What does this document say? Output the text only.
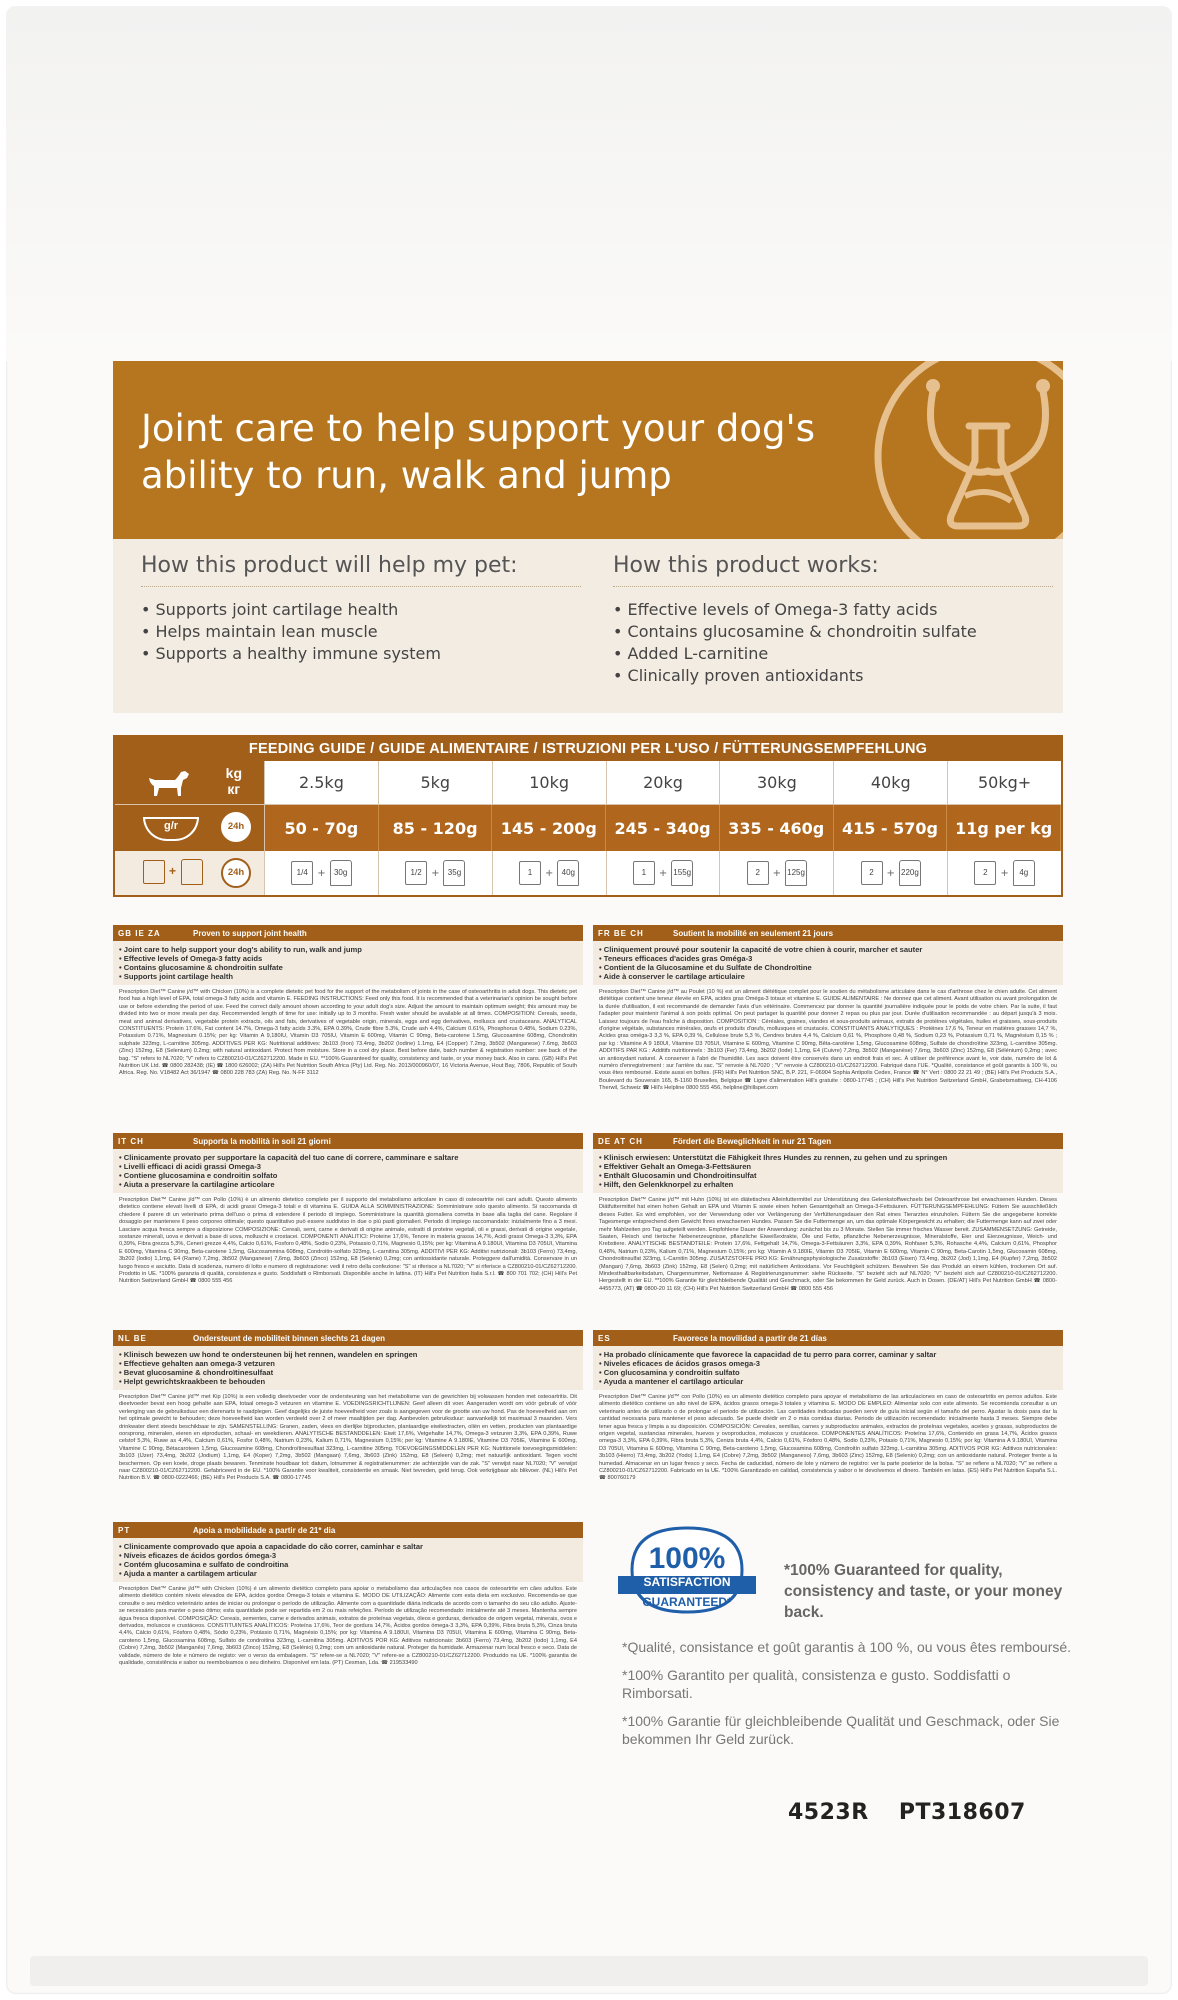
Joint care to help support your dog's
ability to run, walk and jump
How this product will help my pet:
• Supports joint cartilage health
• Helps maintain lean muscle
• Supports a healthy immune system
How this product works:
• Effective levels of Omega-3 fatty acids
• Contains glucosamine & chondroitin sulfate
• Added L-carnitine
• Clinically proven antioxidants
FEEDING GUIDE / GUIDE ALIMENTAIRE / ISTRUZIONI PER L'USO / FÜTTERUNGSEMPFEHLUNG
kg
кг	2.5kg	5kg	10kg	20kg	30kg	40kg	50kg+
g/r	24h	50 - 70g	85 - 120g	145 - 200g	245 - 340g	335 - 460g	415 - 570g	11g per kg
+	24h	1/4 +	30g	1/2 +	35g	1	+	40g	1	+ 155g	2	+ 125g	2	+ 220g	2	+	4g
GB IE ZA	Proven to support joint health
• Joint care to help support your dog's ability to run, walk and jump
• Effective levels of Omega-3 fatty acids
• Contains glucosamine & chondroitin sulfate
• Supports joint cartilage health
Prescription Diet™ Canine j/d™ with Chicken (10%) is a complete dietetic pet food for the support of the metabolism of joints in the case of osteoarthritis in adult dogs. This dietetic pet food has a high level of EPA, total omega-3 fatty acids and vitamin E. FEEDING INSTRUCTIONS: Feed only this food. It is recommended that a veterinarian's opinion be sought before use or before extending the period of use. Feed the correct daily amount shown according to your adult dog's size. Adjust the amount to maintain optimum weight; this amount may be divided into two or more meals per day. Recommended length of time for use: initially up to 3 months. Fresh water should be available at all times. COMPOSITION: Cereals, seeds, meat and animal derivatives, vegetable protein extracts, oils and fats, derivatives of vegetable origin, minerals, eggs and egg derivatives, molluscs and crustaceans. ANALYTICAL CONSTITUENTS: Protein 17.6%, Fat content 14.7%, Omega-3 fatty acids 3.3%, EPA 0.39%, Crude fibre 5.3%, Crude ash 4.4%, Calcium 0.61%, Phosphorus 0.48%, Sodium 0.23%, Potassium 0.71%, Magnesium 0.15%; per kg: Vitamin A 9,180IU, Vitamin D3 705IU, Vitamin E 600mg, Vitamin C 90mg, Beta-carotene 1.5mg, Glucosamine 608mg, Chondroitin sulphate 323mg, L-carnitine 305mg. ADDITIVES PER KG: Nutritional additives: 3b103 (Iron) 73.4mg, 3b202 (Iodine) 1.1mg, E4 (Copper) 7.2mg, 3b502 (Manganese) 7.6mg, 3b603 (Zinc) 152mg, E8 (Selenium) 0.2mg; with natural antioxidant. Protect from moisture. Store in a cool dry place. Best before date, batch number & registration number: see back of the bag. "S" refers to NL7020; "V" refers to CZ800210-01/CZ62712200. Made in EU. **100% Guaranteed for quality, consistency and taste, or your money back. Also in cans. (GB) Hill's Pet Nutrition UK Ltd. ☎ 0800 282438; (IE) ☎ 1800 626002; (ZA) Hill's Pet Nutrition South Africa (Pty) Ltd. Reg. No. 2013/000960/07, 16 Victoria Avenue, Hout Bay, 7806, Republic of South Africa. Reg. No. V18482 Act 36/1947 ☎ 0800 228 783 (ZA) Reg. No. N-FF 3112
FR BE CH	Soutient la mobilité en seulement 21 jours
• Cliniquement prouvé pour soutenir la capacité de votre chien à courir, marcher et sauter
• Teneurs efficaces d'acides gras Oméga-3
• Contient de la Glucosamine et du Sulfate de Chondroïtine
• Aide à conserver le cartilage articulaire
Prescription Diet™ Canine j/d™ au Poulet (10 %) est un aliment diététique complet pour le soutien du métabolisme articulaire dans le cas d'arthrose chez le chien adulte. Cet aliment diététique contient une teneur élevée en EPA, acides gras Oméga-3 totaux et vitamine E. GUIDE ALIMENTAIRE : Ne donnez que cet aliment. Avant utilisation ou avant prolongation de la durée d'utilisation, il est recommandé de demander l'avis d'un vétérinaire. Commencez par donner la quantité journalière indiquée pour le poids de votre chien. Par la suite, il faut l'adapter pour maintenir l'animal à son poids optimal. On peut partager la quantité pour donner 2 repas ou plus par jour. Durée d'utilisation recommandée : au départ jusqu'à 3 mois. Laissez toujours de l'eau fraîche à disposition. COMPOSITION : Céréales, graines, viandes et sous-produits animaux, extraits de protéines végétales, huiles et graisses, sous-produits d'origine végétale, substances minérales, œufs et produits d'œufs, mollusques et crustacés. CONSTITUANTS ANALYTIQUES : Protéines 17,6 %, Teneur en matières grasses 14,7 %, Acides gras oméga-3 3,3 %, EPA 0,39 %, Cellulose brute 5,3 %, Cendres brutes 4,4 %, Calcium 0,61 %, Phosphore 0,48 %, Sodium 0,23 %, Potassium 0,71 %, Magnésium 0,15 % ; par kg : Vitamine A 9 180UI, Vitamine D3 705UI, Vitamine E 600mg, Vitamine C 90mg, Bêta-carotène 1,5mg, Glucosamine 608mg, Sulfate de chondroïtine 323mg, L-carnitine 305mg. ADDITIFS PAR KG : Additifs nutritionnels : 3b103 (Fer) 73,4mg, 3b202 (Iode) 1,1mg, E4 (Cuivre) 7,2mg, 3b502 (Manganèse) 7,6mg, 3b603 (Zinc) 152mg, E8 (Sélénium) 0,2mg ; avec un antioxydant naturel. À conserver à l'abri de l'humidité. Les sacs doivent être conservés dans un endroit frais et sec. À utiliser de préférence avant le, voir date, numéro de lot & numéro d'enregistrement : sur l'arrière du sac. "S" renvoie à NL7020 ; "V" renvoie à CZ800210-01/CZ62712200. Fabriqué dans l'UE. *Qualité, consistance et goût garantis à 100 %, ou vous êtes remboursé. Existe aussi en boîtes. (FR) Hill's Pet Nutrition SNC, B.P. 221, F-06904 Sophia Antipolis Cedex, France ☎ N° Vert : 0800 22 21 49 ; (BE) Hill's Pet Products S.A., Boulevard du Souverain 165, B-1160 Bruxelles, Belgique ☎ Ligne d'alimentation Hill's gratuite : 0800-17745 ; (CH) Hill's Pet Nutrition Switzerland GmbH, Grabetsmattweg, CH-4106 Therwil, Schweiz ☎ Hill's Helpline 0800 555 456, helpline@hillspet.com
IT CH	Supporta la mobilità in soli 21 giorni
• Clinicamente provato per supportare la capacità del tuo cane di correre, camminare e saltare
• Livelli efficaci di acidi grassi Omega-3
• Contiene glucosamina e condroitin solfato
• Aiuta a preservare la cartilagine articolare
Prescription Diet™ Canine j/d™ con Pollo (10%) è un alimento dietetico completo per il supporto del metabolismo articolare in caso di osteoartrite nei cani adulti. Questo alimento dietetico contiene elevati livelli di EPA, di acidi grassi Omega-3 totali e di vitamina E. GUIDA ALLA SOMMINISTRAZIONE: Somministrare solo questo alimento. Si raccomanda di chiedere il parere di un veterinario prima dell'uso o prima di estendere il periodo di impiego. Somministrare la quantità giornaliera corretta in base alla taglia del cane. Regolare il dosaggio per mantenere il peso corporeo ottimale; questo quantitativo può essere suddiviso in due o più pasti giornalieri. Periodo di impiego raccomandato: inizialmente fino a 3 mesi. Lasciare acqua fresca sempre a disposizione COMPOSIZIONE: Cereali, semi, carne e derivati di origine animale, estratti di proteine vegetali, oli e grassi, derivati di origine vegetale, sostanze minerali, uova e derivati a base di uova, molluschi e crostacei. COMPONENTI ANALITICI: Proteine 17,6%, Tenore in materia grassa 14,7%, Acidi grassi Omega-3 3,3%, EPA 0,39%, Fibra grezza 5,3%, Ceneri grezze 4,4%, Calcio 0,61%, Fosforo 0,48%, Sodio 0,23%, Potassio 0,71%, Magnesio 0,15%; per kg: Vitamina A 9.180UI, Vitamina D3 705UI, Vitamina E 600mg, Vitamina C 90mg, Beta-carotene 1,5mg, Glucosammina 608mg, Condroitin-solfato 323mg, L-carnitina 305mg. ADDITIVI PER KG: Additivi nutrizionali: 3b103 (Ferro) 73,4mg, 3b202 (Iodio) 1,1mg, E4 (Rame) 7,2mg, 3b502 (Manganese) 7,6mg, 3b603 (Zinco) 152mg, E8 (Selenio) 0,2mg; con antiossidante naturale. Proteggere dall'umidità. Conservare in un luogo fresco e asciutto. Data di scadenza, numero di lotto e numero di registrazione: vedi il retro della confezione: "S" si riferisce a NL7020; "V" si riferisce a CZ800210-01/CZ62712200. Prodotto in UE. *100% garanzia di qualità, consistenza e gusto. Soddisfatti o Rimborsati. Disponibile anche in lattina. (IT) Hill's Pet Nutrition Italia S.r.l. ☎ 800 701 702; (CH) Hill's Pet Nutrition Switzerland GmbH ☎ 0800 555 456
DE AT CH	Fördert die Beweglichkeit in nur 21 Tagen
• Klinisch erwiesen: Unterstützt die Fähigkeit Ihres Hundes zu rennen, zu gehen und zu springen
• Effektiver Gehalt an Omega-3-Fettsäuren
• Enthält Glucosamin und Chondroitinsulfat
• Hilft, den Gelenkknorpel zu erhalten
Prescription Diet™ Canine j/d™ mit Huhn (10%) ist ein diätetisches Alleinfuttermittel zur Unterstützung des Gelenkstoffwechsels bei Osteoarthrose bei erwachsenen Hunden. Dieses Diätfuttermittel hat einen hohen Gehalt an EPA und Vitamin E sowie einen hohen Gesamtgehalt an Omega-3-Fettsäuren. FÜTTERUNGSEMPFEHLUNG: Füttern Sie ausschließlich dieses Futter. Es wird empfohlen, vor der Verwendung oder vor Verlängerung der Verfütterungsdauer den Rat eines Tierarztes einzuholen. Füttern Sie die angegebene korrekte Tagesmenge entsprechend dem Gewicht Ihres erwachsenen Hundes. Passen Sie die Futtermenge an, um das optimale Körpergewicht zu erhalten; die Futtermenge kann auf zwei oder mehr Mahlzeiten pro Tag aufgeteilt werden. Empfohlene Dauer der Anwendung: zunächst bis zu 3 Monate. Stellen Sie immer frisches Wasser bereit. ZUSAMMENSETZUNG: Getreide, Saaten, Fleisch und tierische Nebenerzeugnisse, pflanzliche Eiweißextrakte, Öle und Fette, pflanzliche Nebenerzeugnisse, Mineralstoffe, Eier und Eierzeugnisse, Weich- und Krebstiere. ANALYTISCHE BESTANDTEILE: Protein 17,6%, Fettgehalt 14,7%, Omega-3-Fettsäuren 3,3%, EPA 0,39%, Rohfaser 5,3%, Rohasche 4,4%, Calcium 0,61%, Phosphor 0,48%, Natrium 0,23%, Kalium 0,71%, Magnesium 0,15%; pro kg: Vitamin A 9.180IE, Vitamin D3 705IE, Vitamin E 600mg, Vitamin C 90mg, Beta-Carotin 1,5mg, Glucosamin 608mg, Chondroitinsulfat 323mg, L-Carnitin 305mg. ZUSATZSTOFFE PRO KG: Ernährungsphysiologische Zusatzstoffe: 3b103 (Eisen) 73,4mg, 3b202 (Jod) 1,1mg, E4 (Kupfer) 7,2mg, 3b502 (Mangan) 7,6mg, 3b603 (Zink) 152mg, E8 (Selen) 0,2mg; mit natürlichem Antioxidans. Vor Feuchtigkeit schützen. Bewahren Sie das Produkt an einem kühlen, trockenen Ort auf. Mindesthaltbarkeitsdatum, Chargennummer, Nettomasse & Registrierungsnummer: siehe Rückseite. "S" bezieht sich auf NL7020; "V" bezieht sich auf CZ800210-01/CZ62712200. Hergestellt in der EU. **100% Garantie für gleichbleibende Qualität und Geschmack, oder Sie bekommen Ihr Geld zurück. Auch in Dosen. (DE/AT) Hill's Pet Nutrition GmbH ☎ 0800-4455773, (AT) ☎ 0800-20 11 69; (CH) Hill's Pet Nutrition Switzerland GmbH ☎ 0800 555 456
NL BE	Ondersteunt de mobiliteit binnen slechts 21 dagen
• Klinisch bewezen uw hond te ondersteunen bij het rennen, wandelen en springen
• Effectieve gehalten aan omega-3 vetzuren
• Bevat glucosamine & chondroïtinesulfaat
• Helpt gewrichtskraakbeen te behouden
Prescription Diet™ Canine j/d™ met Kip (10%) is een volledig dieetvoeder voor de ondersteuning van het metabolisme van de gewrichten bij volwassen honden met osteoartritis. Dit dieetvoeder bevat een hoog gehalte aan EPA, totaal omega-3 vetzuren en vitamine E. VOEDINGSRICHTLIJNEN: Geef alleen dit voer. Aangeraden wordt om vóór gebruik of vóór verlenging van de gebruiksduur een dierenarts te raadplegen. Geef dagelijks de juiste hoeveelheid voer zoals is aangegeven voor de grootte van uw hond. Pas de hoeveelheid aan om het optimale gewicht te behouden; deze hoeveelheid kan worden verdeeld over 2 of meer maaltijden per dag. Aanbevolen gebruiksduur: aanvankelijk tot maximaal 3 maanden. Vers drinkwater dient steeds beschikbaar te zijn. SAMENSTELLING: Granen, zaden, vlees en dierlijke bijproducten, plantaardige eiwitextracten, oliën en vetten, producten van plantaardige oorsprong, mineralen, eieren en eiproducten, schaal- en weekdieren. ANALYTISCHE BESTANDDELEN: Eiwit 17,6%, Vetgehalte 14,7%, Omega-3 vetzuren 3,3%, EPA 0,39%, Ruwe celstof 5,3%, Ruwe as 4,4%, Calcium 0,61%, Fosfor 0,48%, Natrium 0,23%, Kalium 0,71%, Magnesium 0,15%; per kg: Vitamine A 9.180IE, Vitamine D3 705IE, Vitamine E 600mg, Vitamine C 90mg, Bètacaroteen 1,5mg, Glucosamine 608mg, Chondroïtinesulfaat 323mg, L-carnitine 305mg. TOEVOEGINGSMIDDELEN PER KG: Nutritionele toevoegingsmiddelen: 3b103 (IJzer) 73,4mg, 3b202 (Jodium) 1,1mg, E4 (Koper) 7,2mg, 3b502 (Mangaan) 7,6mg, 3b603 (Zink) 152mg, E8 (Seleen) 0,2mg; met natuurlijk antioxidant. Tegen vocht beschermen. Op een koele, droge plaats bewaren. Tenminste houdbaar tot: datum, lotnummer & registratienummer: zie achterzijde van de zak. "S" verwijst naar NL7020; "V" verwijst naar CZ800210-01/CZ62712200. Gefabriceerd in de EU. *100% Garantie voor kwaliteit, consistentie en smaak. Niet tevreden, geld terug. Ook verkrijgbaar als blikvoer. (NL) Hill's Pet Nutrition B.V. ☎ 0800-0222466; (BE) Hill's Pet Products S.A. ☎ 0800-17745
ES	Favorece la movilidad a partir de 21 días
• Ha probado clínicamente que favorece la capacidad de tu perro para correr, caminar y saltar
• Niveles eficaces de ácidos grasos omega-3
• Con glucosamina y condroitín sulfato
• Ayuda a mantener el cartílago articular
Prescription Diet™ Canine j/d™ con Pollo (10%) es un alimento dietético completo para apoyar el metabolismo de las articulaciones en caso de osteoartritis en perros adultos. Este alimento dietético contiene un alto nivel de EPA, ácidos grasos omega-3 totales y vitamina E. MODO DE EMPLEO: Alimentar solo con este alimento. Se recomienda consultar a un veterinario antes de utilizarlo o de prolongar el periodo de utilización. Las cantidades indicadas pueden servir de guía inicial según el tamaño del perro. Ajustar la dosis para dar la cantidad necesaria para mantener el peso adecuado. Se puede dividir en 2 o más comidas diarias. Periodo de utilización recomendado: inicialmente hasta 3 meses. Siempre debe tener agua fresca y limpia a su disposición. COMPOSICIÓN: Cereales, semillas, carnes y subproductos animales, extractos de proteínas vegetales, aceites y grasas, subproductos de origen vegetal, sustancias minerales, huevos y ovoproductos, moluscos y crustáceos. COMPONENTES ANALÍTICOS: Proteína 17,6%, Contenido en grasa 14,7%, Ácidos grasos omega-3 3,3%, EPA 0,39%, Fibra bruta 5,3%, Ceniza bruta 4,4%, Calcio 0,61%, Fósforo 0,48%, Sodio 0,23%, Potasio 0,71%, Magnesio 0,15%; por kg: Vitamina A 9.180UI, Vitamina D3 705UI, Vitamina E 600mg, Vitamina C 90mg, Beta-caroteno 1,5mg, Glucosamina 608mg, Condroitín sulfato 323mg, L-carnitina 305mg. ADITIVOS POR KG: Aditivos nutricionales: 3b103 (Hierro) 73,4mg, 3b202 (Yodo) 1,1mg, E4 (Cobre) 7,2mg, 3b502 (Manganeso) 7,6mg, 3b603 (Zinc) 152mg, E8 (Selenio) 0,2mg; con un antioxidante natural. Proteger frente a la humedad. Almacenar en un lugar fresco y seco. Fecha de caducidad, número de lote y número de registro: ver la parte posterior de la bolsa. "S" se refiere a NL7020; "V" se refiere a CZ800210-01/CZ62712200. Fabricado en la UE. *100% Garantizado en calidad, consistencia y sabor o te devolvemos el dinero. También en latas. (ES) Hill's Pet Nutrition España S.L. ☎ 800760179
PT	Apoia a mobilidade a partir de 21* dia
• Clinicamente comprovado que apoia a capacidade do cão correr, caminhar e saltar
• Níveis eficazes de ácidos gordos ómega-3
• Contém glucosamina e sulfato de condroitina
• Ajuda a manter a cartilagem articular
Prescription Diet™ Canine j/d™ with Chicken (10%) é um alimento dietético completo para apoiar o metabolismo das articulações nos casos de osteoartrite em cães adultos. Este alimento dietético contém níveis elevados de EPA, ácidos gordos Ómega-3 totais e vitamina E. MODO DE UTILIZAÇÃO: Alimente com esta dieta em exclusivo. Recomenda-se que consulte o seu médico veterinário antes de iniciar ou prolongar o período de utilização. Alimente com a quantidade diária indicada de acordo com o tamanho do seu cão adulto. Ajuste-se necessário para manter o peso ótimo; esta quantidade pode ser repartida em 2 ou mais refeições. Período de utilização recomendado: inicialmente até 3 meses. Mantenha sempre água fresca disponível. COMPOSIÇÃO: Cereais, sementes, carne e derivados animais, extratos de proteínas vegetais, óleos e gorduras, derivados de origem vegetal, minerais, ovos e derivados, moluscos e crustáceos. CONSTITUINTES ANALÍTICOS: Proteína 17,6%, Teor de gordura 14,7%, Ácidos gordos ómega-3 3,3%, EPA 0,39%, Fibra bruta 5,3%, Cinza bruta 4,4%, Cálcio 0,61%, Fósforo 0,48%, Sódio 0,23%, Potássio 0,71%, Magnésio 0,15%; por kg: Vitamina A 9.180UI, Vitamina D3 705UI, Vitamina E 600mg, Vitamina C 90mg, Beta-caroteno 1,5mg, Glucosamina 608mg, Sulfato de condroitina 323mg, L-carnitina 305mg. ADITIVOS POR KG: Aditivos nutricionais: 3b603 (Ferro) 73,4mg, 3b202 (Iodo) 1,1mg, E4 (Cobre) 7,2mg, 3b502 (Manganês) 7,6mg, 3b603 (Zinco) 152mg, E8 (Selénio) 0,2mg; com um antioxidante natural. Proteger da humidade. Armazenar num local fresco e seco. Data de validade, número de lote e número de registo: ver o verso da embalagem. "S" refere-se a NL7020; "V" refere-se a CZ800210-01/CZ62712200. Produzido na UE. *100% garantia de qualidade, consistência e sabor ou reembolsamos o seu dinheiro. Disponível em lata. (PT) Cesman, Lda. ☎ 219533490
100%
SATISFACTION
GUARANTEED*
*100% Guaranteed for quality, consistency and taste, or your money back.
*Qualité, consistance et goût garantis à 100 %, ou vous êtes remboursé.
*100% Garantito per qualità, consistenza e gusto. Soddisfatti o Rimborsati.
*100% Garantie für gleichbleibende Qualität und Geschmack, oder Sie bekommen Ihr Geld zurück.
4523R PT318607
